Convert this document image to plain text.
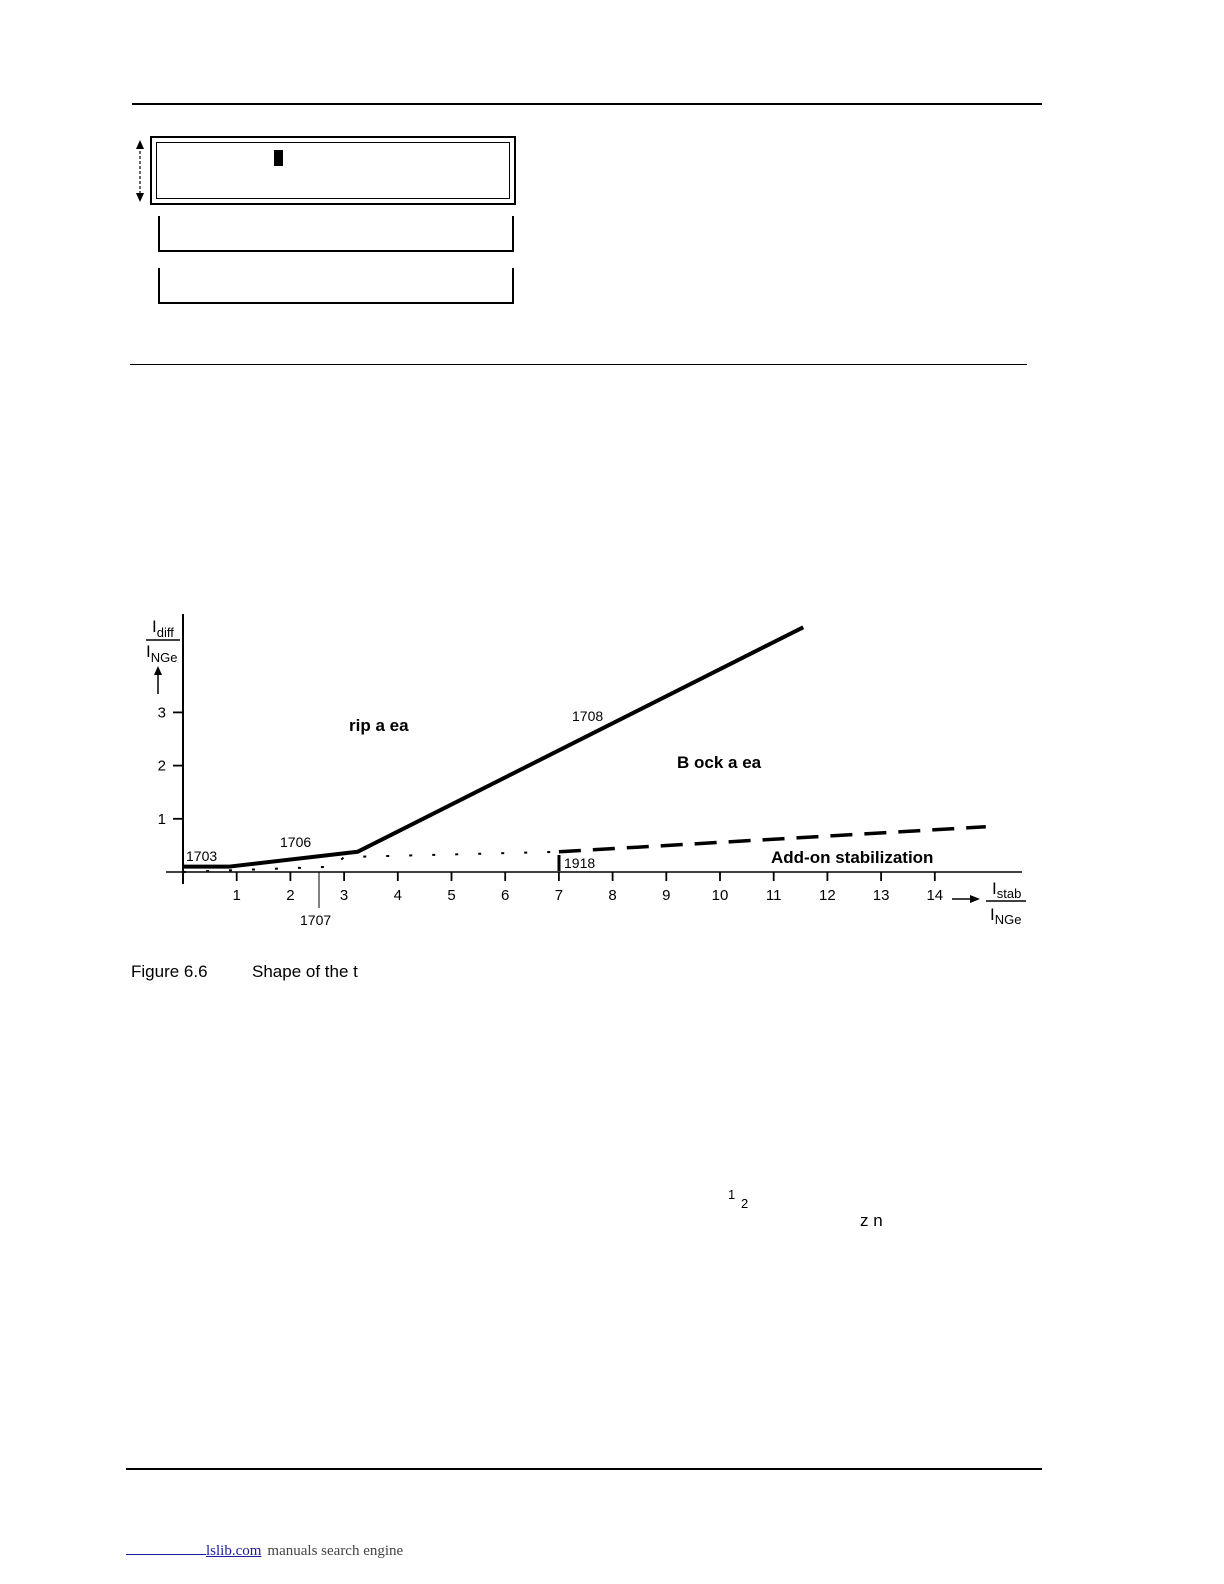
1	2	3	4	5	6	7	8	9	10	11	12 13 14
1
2
3
$I_{diff}$
$I_{NGe}$
$I_{stab}$
$I_{NGe}$
rip a ea
B ock a ea
Add-on stabilization
1703
1706
1707
1708
1918
Figure 6.6	Shape of the t
1
2
z n
lslib.com manuals search engine
